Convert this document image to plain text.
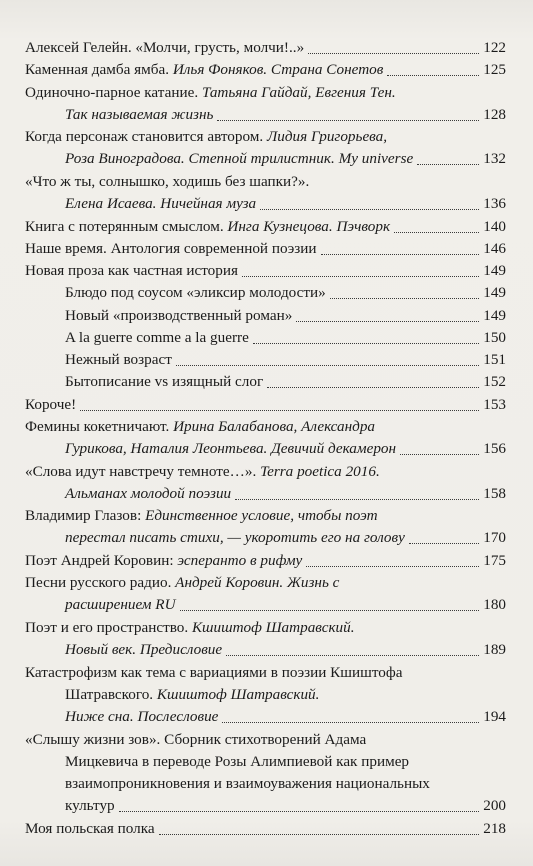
Алексей Гелейн. «Молчи, грусть, молчи!..»	122
Каменная дамба ямба. Илья Фоняков. Страна Сонетов	125
Одиночно-парное катание. Татьяна Гайдай, Евгения Тен.
Так называемая жизнь	128
Когда персонаж становится автором. Лидия Григорьева,
Роза Виноградова. Степной трилистник. My universe	132
«Что ж ты, солнышко, ходишь без шапки?».
Елена Исаева. Ничейная муза	136
Книга с потерянным смыслом. Инга Кузнецова. Пэчворк	140
Наше время. Антология современной поэзии	146
Новая проза как частная история	149
Блюдо под соусом «эликсир молодости»	149
Новый «производственный роман»	149
A la guerre comme a la guerre	150
Нежный возраст	151
Бытописание vs изящный слог	152
Короче!	153
Фемины кокетничают. Ирина Балабанова, Александра
Гурикова, Наталия Леонтьева. Девичий декамерон	156
«Слова идут навстречу темноте…». Terra poetica 2016.
Альманах молодой поэзии	158
Владимир Глазов: Единственное условие, чтобы поэт
перестал писать стихи, — укоротить его на голову	170
Поэт Андрей Коровин: эсперанто в рифму	175
Песни русского радио. Андрей Коровин. Жизнь с
расширением RU	180
Поэт и его пространство. Кшиштоф Шатравский.
Новый век. Предисловие	189
Катастрофизм как тема с вариациями в поэзии Кшиштофа
Шатравского. Кшиштоф Шатравский.
Ниже сна. Послесловие	194
«Слышу жизни зов». Сборник стихотворений Адама
Мицкевича в переводе Розы Алимпиевой как пример
взаимопроникновения и взаимоуважения национальных
культур	200
Моя польская полка	218
